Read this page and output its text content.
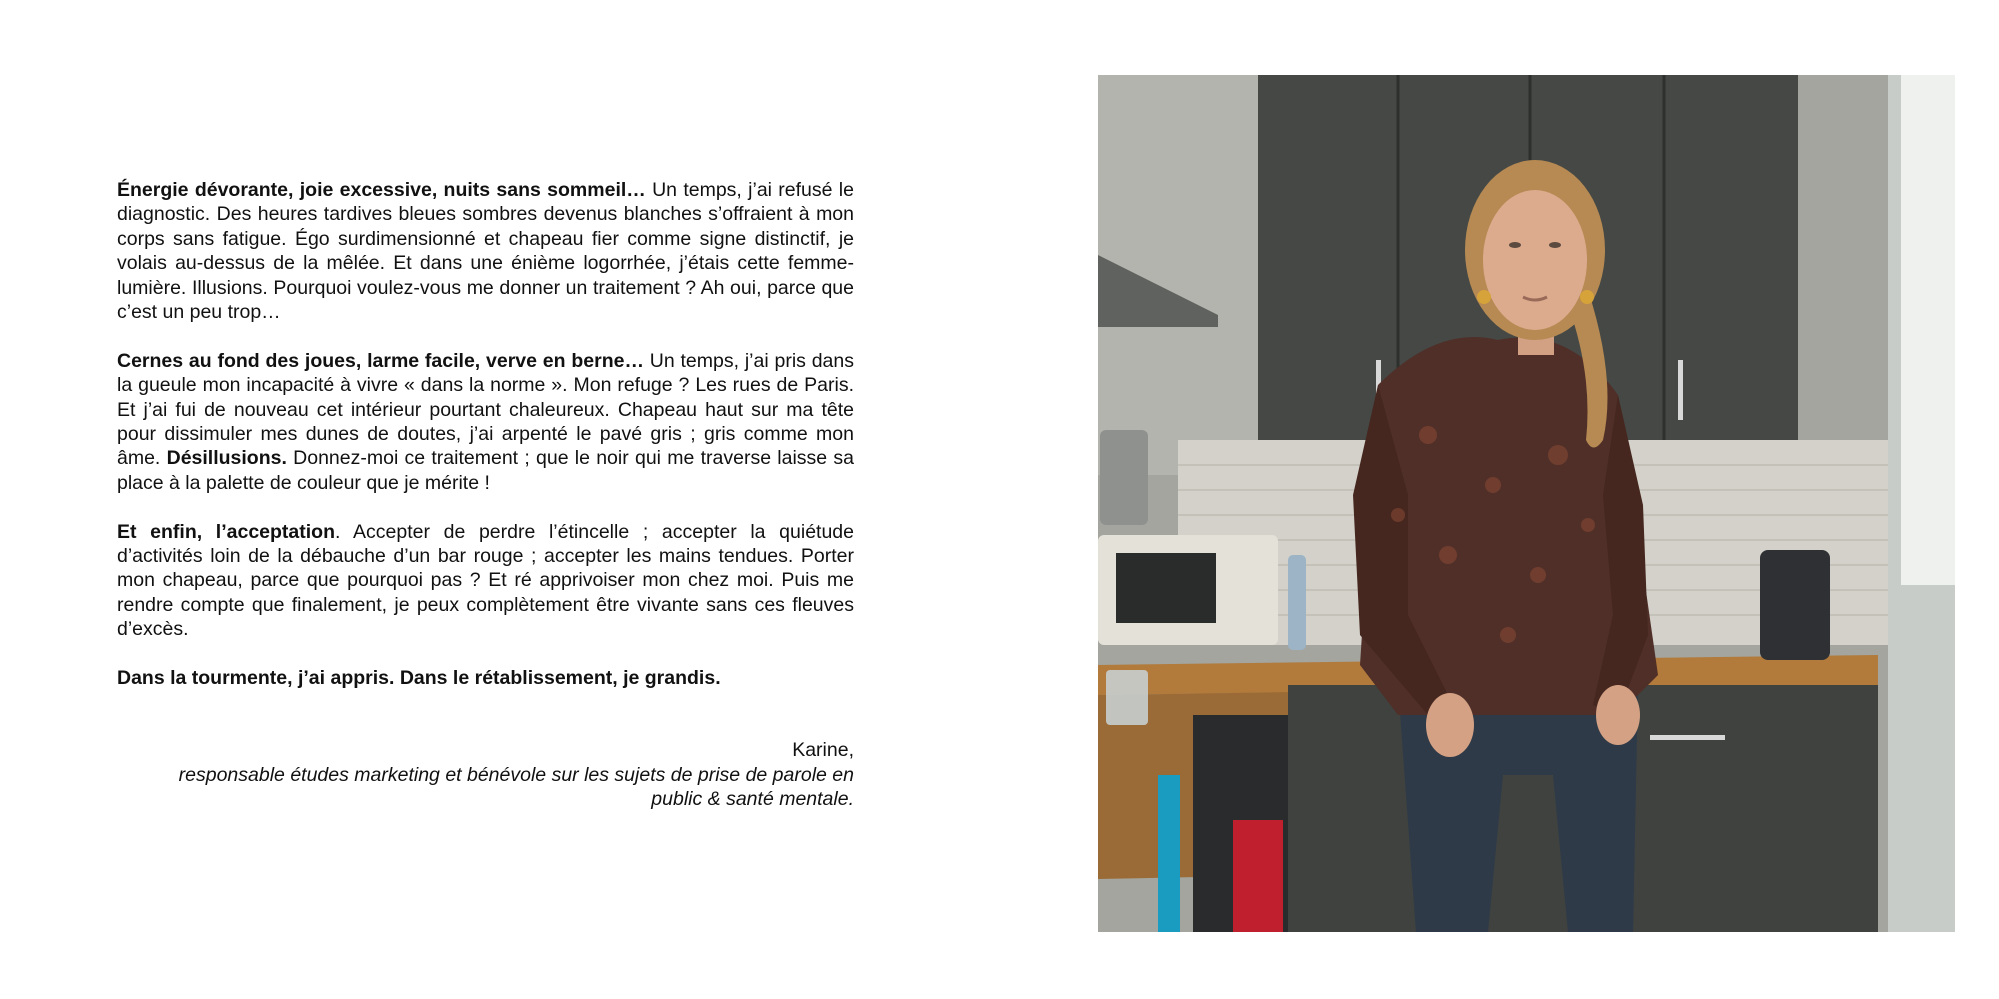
Énergie dévorante, joie excessive, nuits sans sommeil… Un temps, j’ai refusé le diagnostic. Des heures tardives bleues sombres devenus blanches s’offraient à mon corps sans fatigue. Égo surdimensionné et chapeau fier comme signe distinctif, je volais au-dessus de la mêlée. Et dans une énième logorrhée, j’étais cette femme-lumière. Illusions. Pourquoi voulez-vous me donner un traitement ? Ah oui, parce que c’est un peu trop…

Cernes au fond des joues, larme facile, verve en berne… Un temps, j’ai pris dans la gueule mon incapacité à vivre « dans la norme ». Mon refuge ? Les rues de Paris. Et j’ai fui de nouveau cet intérieur pourtant chaleureux. Chapeau haut sur ma tête pour dissimuler mes dunes de doutes, j’ai arpenté le pavé gris ; gris comme mon âme. Désillusions. Donnez-moi ce traitement ; que le noir qui me traverse laisse sa place à la palette de couleur que je mérite !

Et enfin, l’acceptation. Accepter de perdre l’étincelle ; accepter la quiétude d’activités loin de la débauche d’un bar rouge ; accepter les mains tendues. Porter mon chapeau, parce que pourquoi pas ? Et ré apprivoiser mon chez moi. Puis me rendre compte que finalement, je peux complètement être vivante sans ces fleuves d’excès.

Dans la tourmente, j’ai appris. Dans le rétablissement, je grandis.

Karine,
responsable études marketing et bénévole sur les sujets de prise de parole en public & santé mentale.
